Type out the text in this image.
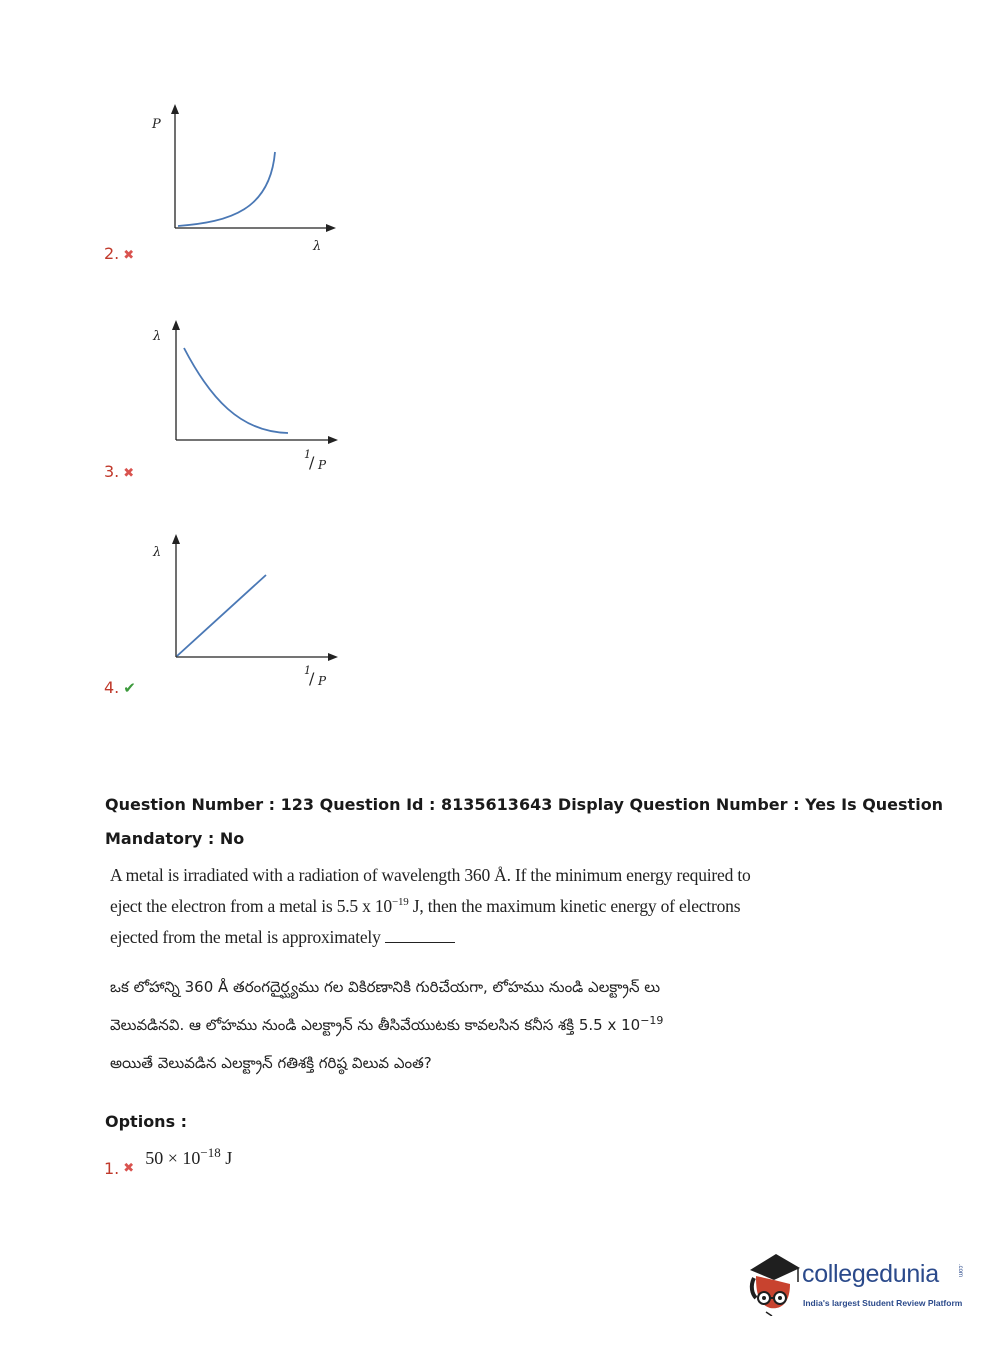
P
λ
2. ✖
λ
1
/ P
3. ✖
λ
1
/ P
4. ✔
Question Number : 123 Question Id : 8135613643 Display Question Number : Yes Is Question
Mandatory : No
A metal is irradiated with a radiation of wavelength 360 Å. If the minimum energy required to
eject the electron from a metal is 5.5 x $10^{-19}$ J, then the maximum kinetic energy of electrons
ejected from the metal is approximately
ఒక లోహాన్ని 360 Å తరంగదైర్ఘ్యము గల వికిరణానికి గురిచేయగా, లోహము నుండి ఎలక్ట్రాన్ లు
వెలువడినవి. ఆ లోహము నుండి ఎలక్ట్రాన్ ను తీసివేయుటకు కావలసిన కనీస శక్తి 5.5 x $10^{-19}$
అయితే వెలువడిన ఎలక్ట్రాన్ గతిశక్తి గరిష్ఠ విలువ ఎంత?
Options :
1. $_✖$ $50 \times 10^{-18}$ J
collegedunia	.com
India's largest Student Review Platform
